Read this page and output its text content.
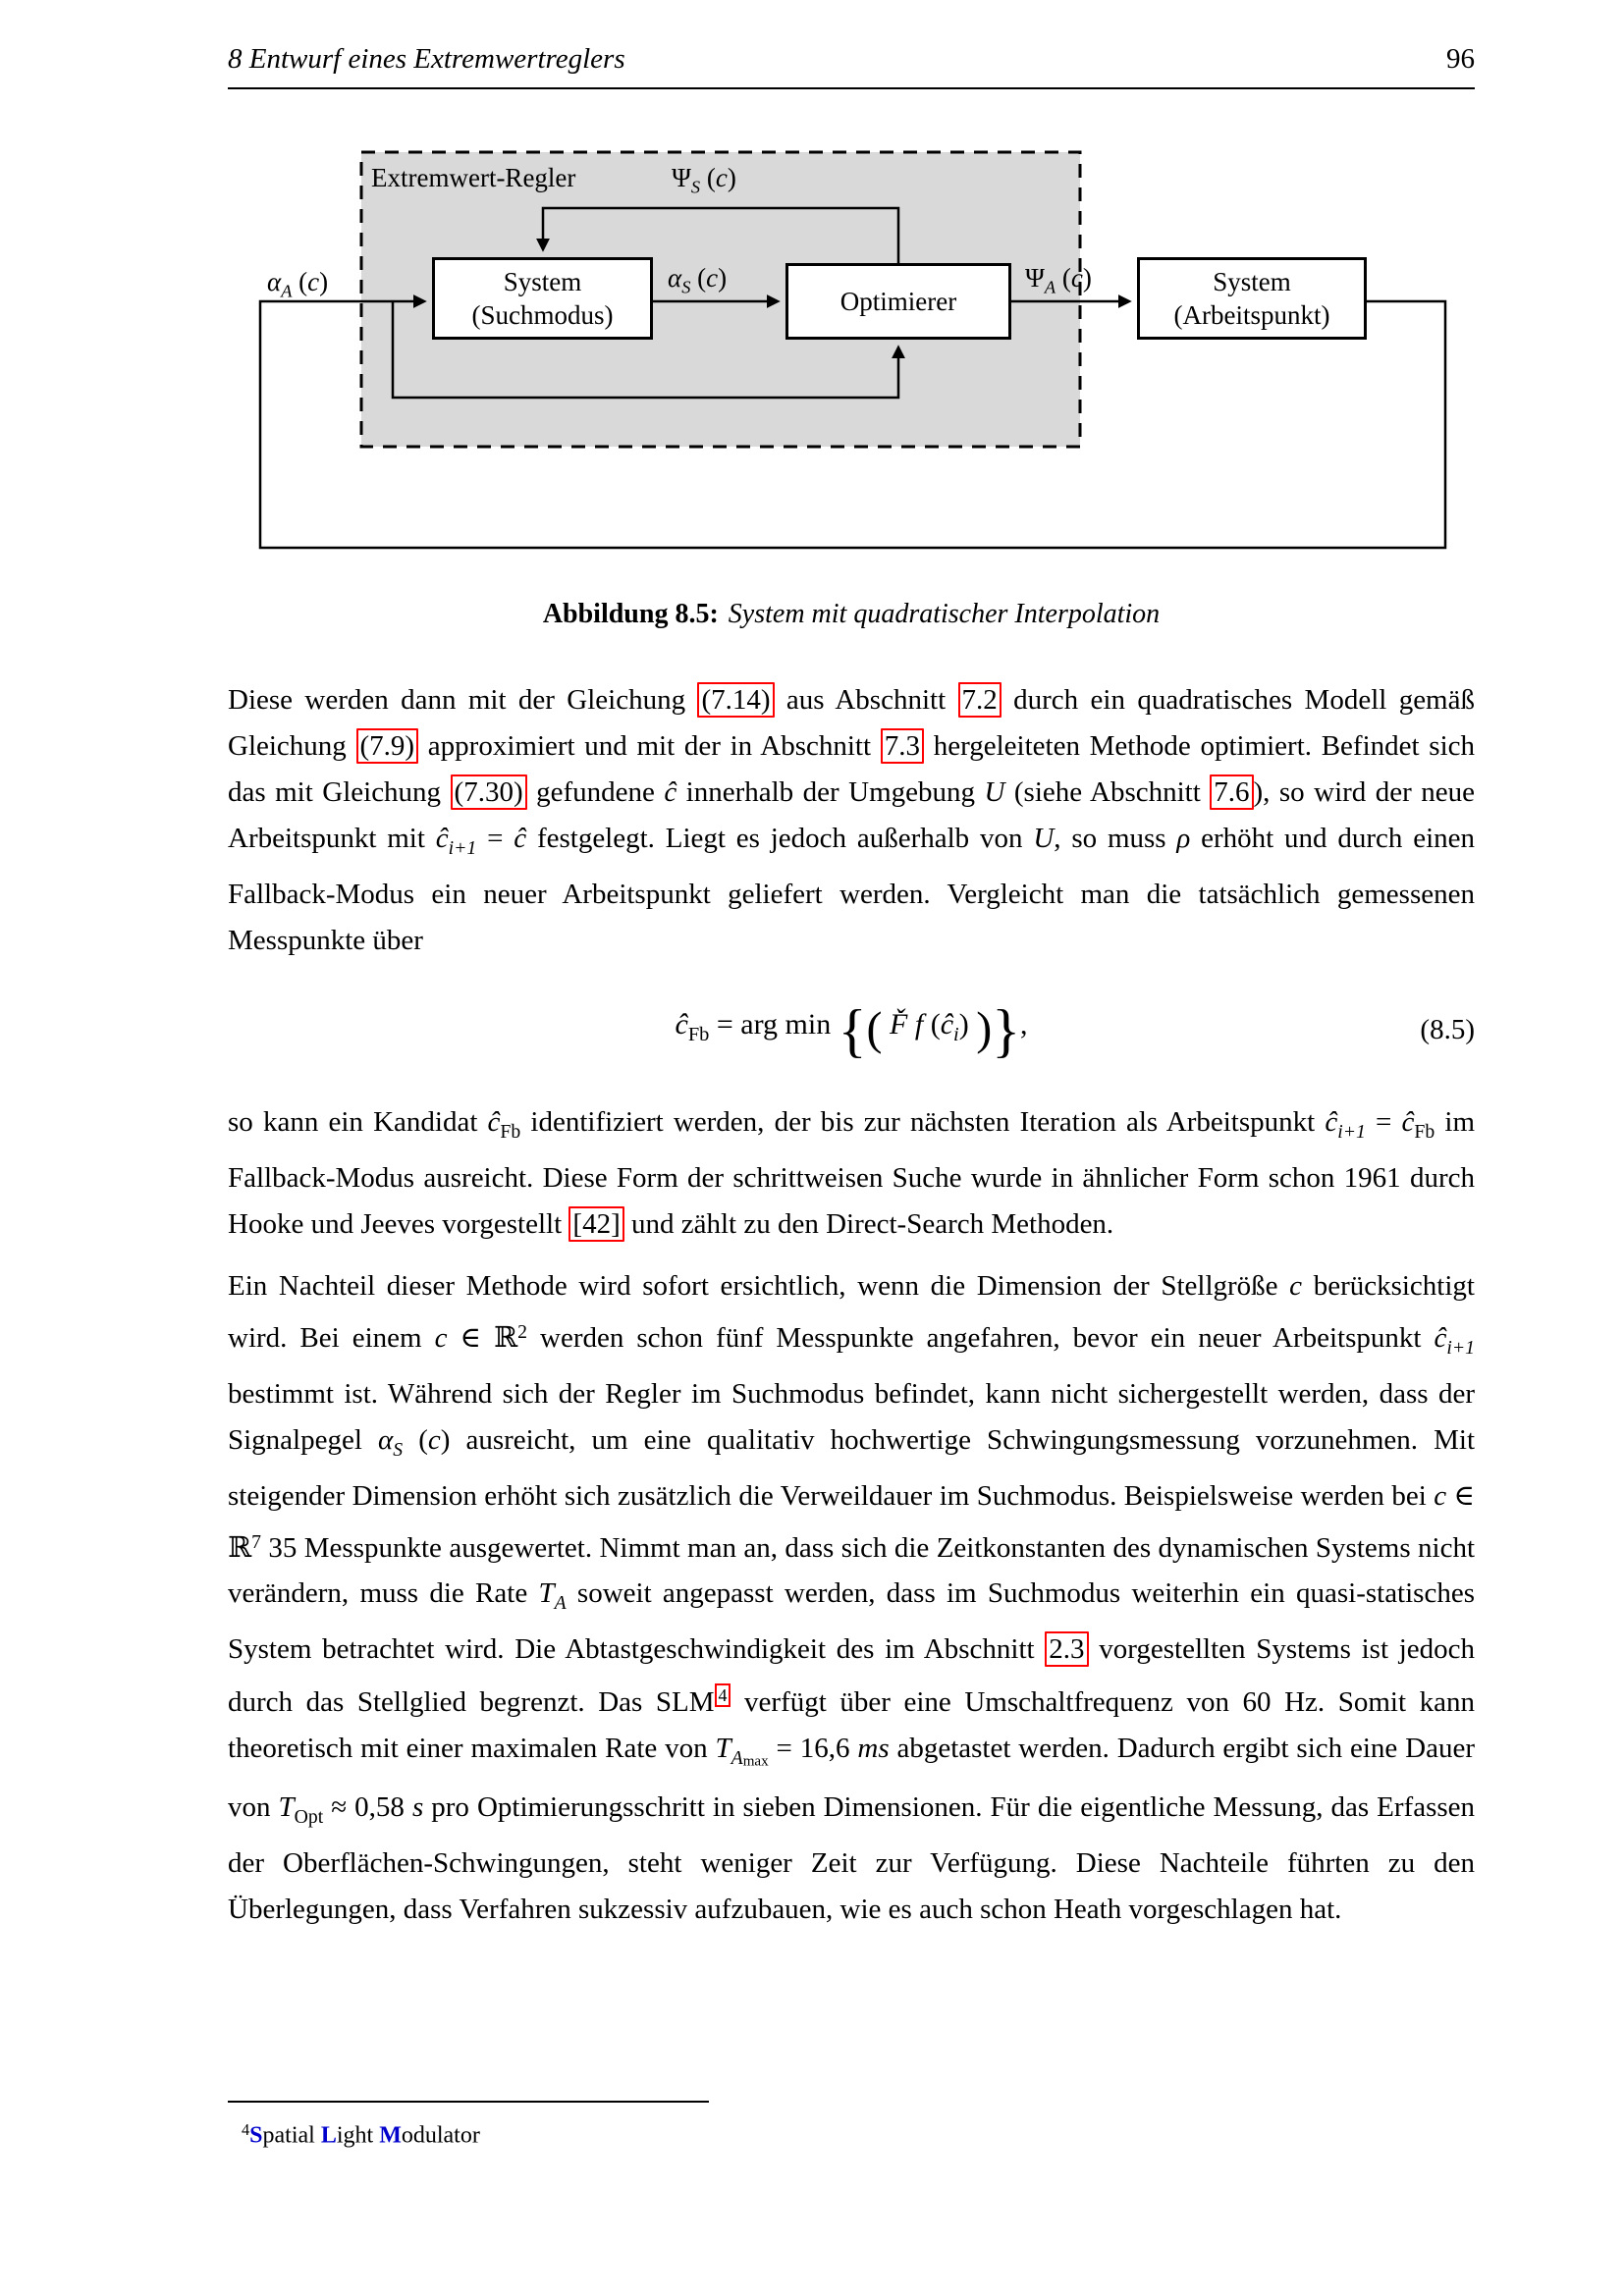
8 Entwurf eines Extremwertreglers	96
System
(Suchmodus)	Optimierer
System
(Arbeitspunkt)
Extremwert-Regler	$\Psi_S$ (c)
$\alpha_A$ (c)	$\alpha_S$ (c)	$\Psi_A$ (c)
Abbildung 8.5: System mit quadratischer Interpolation

Diese werden dann mit der Gleichung (7.14) aus Abschnitt 7.2 durch ein quadratisches Modell gemäß Gleichung (7.9) approximiert und mit der in Abschnitt 7.3 hergeleiteten Methode optimiert. Befindet sich das mit Gleichung (7.30) gefundene ĉ innerhalb der Umgebung U (siehe Abschnitt 7.6 ), so wird der neue Arbeitspunkt mit $ĉ_{i+1}$ = ĉ festgelegt. Liegt es jedoch außerhalb von U, so muss ρ erhöht und durch einen Fallback-Modus ein neuer Arbeitspunkt geliefert werden. Vergleicht man die tatsächlich gemessenen Messpunkte über

$ĉ_{Fb}$ = arg min {( F̌ f $(ĉ_i)$ )},	(8.5)

so kann ein Kandidat $ĉ_{Fb}$ identifiziert werden, der bis zur nächsten Iteration als Arbeitspunkt $ĉ_{i+1}$ = $ĉ_{Fb}$ im Fallback-Modus ausreicht. Diese Form der schrittweisen Suche wurde in ähnlicher Form schon 1961 durch Hooke und Jeeves vorgestellt [42] und zählt zu den Direct-Search Methoden.

Ein Nachteil dieser Methode wird sofort ersichtlich, wenn die Dimension der Stellgröße c berücksichtigt wird. Bei einem c ∈ ℝ$^2$ werden schon fünf Messpunkte angefahren, bevor ein neuer Arbeitspunkt $ĉ_{i+1}$ bestimmt ist. Während sich der Regler im Suchmodus befindet, kann nicht sichergestellt werden, dass der Signalpegel $\alpha_S$ (c) ausreicht, um eine qualitativ hochwertige Schwingungsmessung vorzunehmen. Mit steigender Dimension erhöht sich zusätzlich die Verweildauer im Suchmodus. Beispielsweise werden bei c ∈ ℝ$^7$ 35 Messpunkte ausgewertet. Nimmt man an, dass sich die Zeitkonstanten des dynamischen Systems nicht verändern, muss die Rate $T_A$ soweit angepasst werden, dass im Suchmodus weiterhin ein quasi-statisches System betrachtet wird. Die Abtastgeschwindigkeit des im Abschnitt 2.3 vorgestellten Systems ist jedoch durch das Stellglied begrenzt. Das SLM $^4$ verfügt über eine Umschaltfrequenz von 60 Hz. Somit kann theoretisch mit einer maximalen Rate von $T_{Amax} = 16,6$ ms abgetastet werden. Dadurch ergibt sich eine Dauer von $T_{Opt} \approx 0,58$ s pro Optimierungsschritt in sieben Dimensionen. Für die eigentliche Messung, das Erfassen der Oberflächen-Schwingungen, steht weniger Zeit zur Verfügung. Diese Nachteile führten zu den Überlegungen, dass Verfahren sukzessiv aufzubauen, wie es auch schon Heath vorgeschlagen hat.

$^4$Spatial Light Modulator
